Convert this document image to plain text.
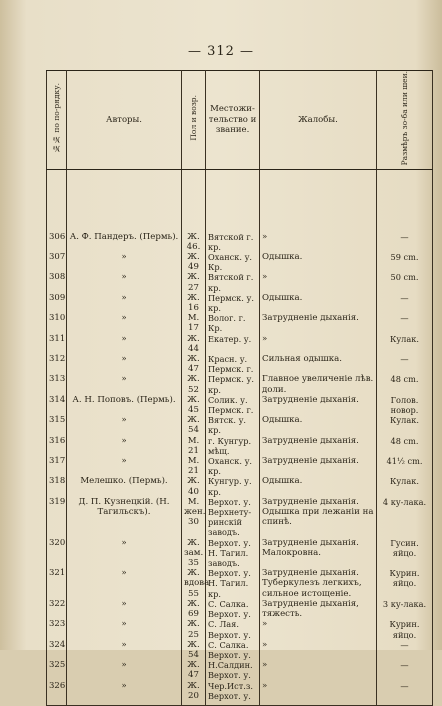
— 312 —
№№ по по-рядку.	Авторы.	Пол и возр.	Местожи-тельство и звание.	Жалобы.	Размѣръ зо-ба или шеи.

306	А. Ф. Пандеръ. (Пермь).	Ж. 46.	Вятской г. кр.	»	—
307	»	Ж. 49	Оханск. у. Кр.	Одышка.	59 cm.
308	»	Ж. 27	Вятской г. кр.	»	50 cm.
309	»	Ж. 16	Пермск. у. кр.	Одышка.	—
310	»	М. 17	Волог. г. Кр.	Затрудненіе дыханія.	—
311	»	Ж. 44	Екатер. у.	»	Кулак.
312	»	Ж. 47	Красн. у. Пермск. г.	Сильная одышка.	—
313	»	Ж. 52	Пермск. у. кр.	Главное увеличеніе лѣв. доли.	48 cm.
314	А. Н. Поповъ. (Пермь).	Ж. 45	Солик. у. Пермск. г.	Затрудненіе дыханія.	Голов. новор.
315	»	Ж. 54	Вятск. у. кр.	Одышка.	Кулак.
316	»	М. 21	г. Кунгур. мѣщ.	Затрудненіе дыханія.	48 cm.
317	»	М. 21	Оханск. у. кр.	Затрудненіе дыханія.	41½ cm.
318	Мелешко. (Пермь).	Ж. 40	Кунгур. у. кр.	Одышка.	Кулак.
319	Д. П. Кузнецкій. (Н. Тагильскъ).	М. жен. 30	Верхот. у. Верхнету-ринскій заводъ.	Затрудненіе дыханія. Одышка при лежаніи на спинѣ.	4 ку-лака.
320	»	Ж. зам. 35	Верхот. у. Н. Тагил. заводъ.	Затрудненіе дыханія. Малокровна.	Гусин. яйцо.
321	»	Ж. вдова 55	Верхот. у. Н. Тагил. кр.	Затрудненіе дыханія. Туберкулезъ легкихъ, сильное истощеніе.	Курин. яйцо.
322	»	Ж. 69	С. Салка. Верхот. у.	Затрудненіе дыханія, тяжесть.	3 ку-лака.
323	»	Ж. 25	С. Лая. Верхот. у.	»	Курин. яйцо.
324	»	Ж. 54	С. Салка. Верхот. у.	»	—
325	»	Ж. 47	Н.Салдин. Верхот. у.	»	—
326	»	Ж. 20	Чер.Ист.з. Верхот. у.	»	—
